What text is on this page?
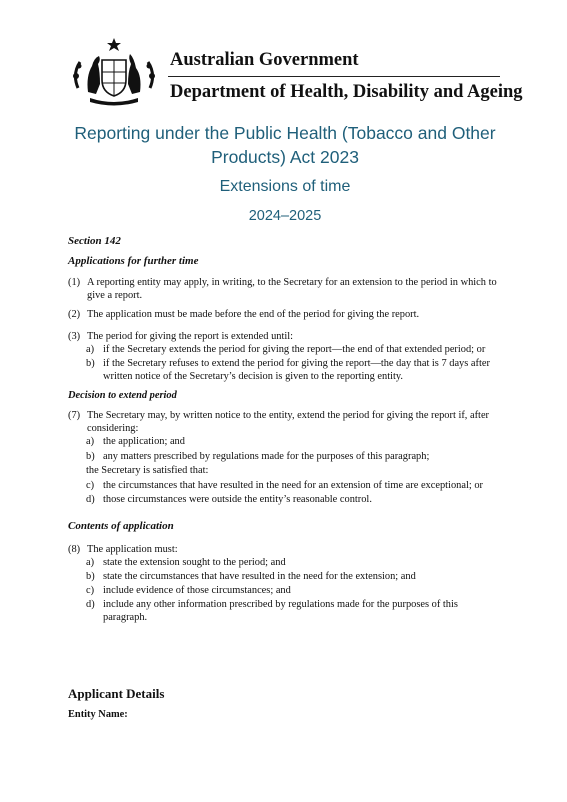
Australian Government
Department of Health, Disability and Ageing
Reporting under the Public Health (Tobacco and Other
Products) Act 2023
Extensions of time
2024–2025
Section 142
Applications for further time
(1) A reporting entity may apply, in writing, to the Secretary for an extension to the period in which to give a report.
(2) The application must be made before the end of the period for giving the report.
(3) The period for giving the report is extended until:
a) if the Secretary extends the period for giving the report—the end of that extended period; or
b) if the Secretary refuses to extend the period for giving the report—the day that is 7 days after written notice of the Secretary’s decision is given to the reporting entity.
Decision to extend period
(7) The Secretary may, by written notice to the entity, extend the period for giving the report if, after considering:
a) the application; and
b) any matters prescribed by regulations made for the purposes of this paragraph;
the Secretary is satisfied that:
c) the circumstances that have resulted in the need for an extension of time are exceptional; or
d) those circumstances were outside the entity’s reasonable control.
Contents of application
(8) The application must:
a) state the extension sought to the period; and
b) state the circumstances that have resulted in the need for the extension; and
c) include evidence of those circumstances; and
d) include any other information prescribed by regulations made for the purposes of this paragraph.
Applicant Details
Entity Name:
